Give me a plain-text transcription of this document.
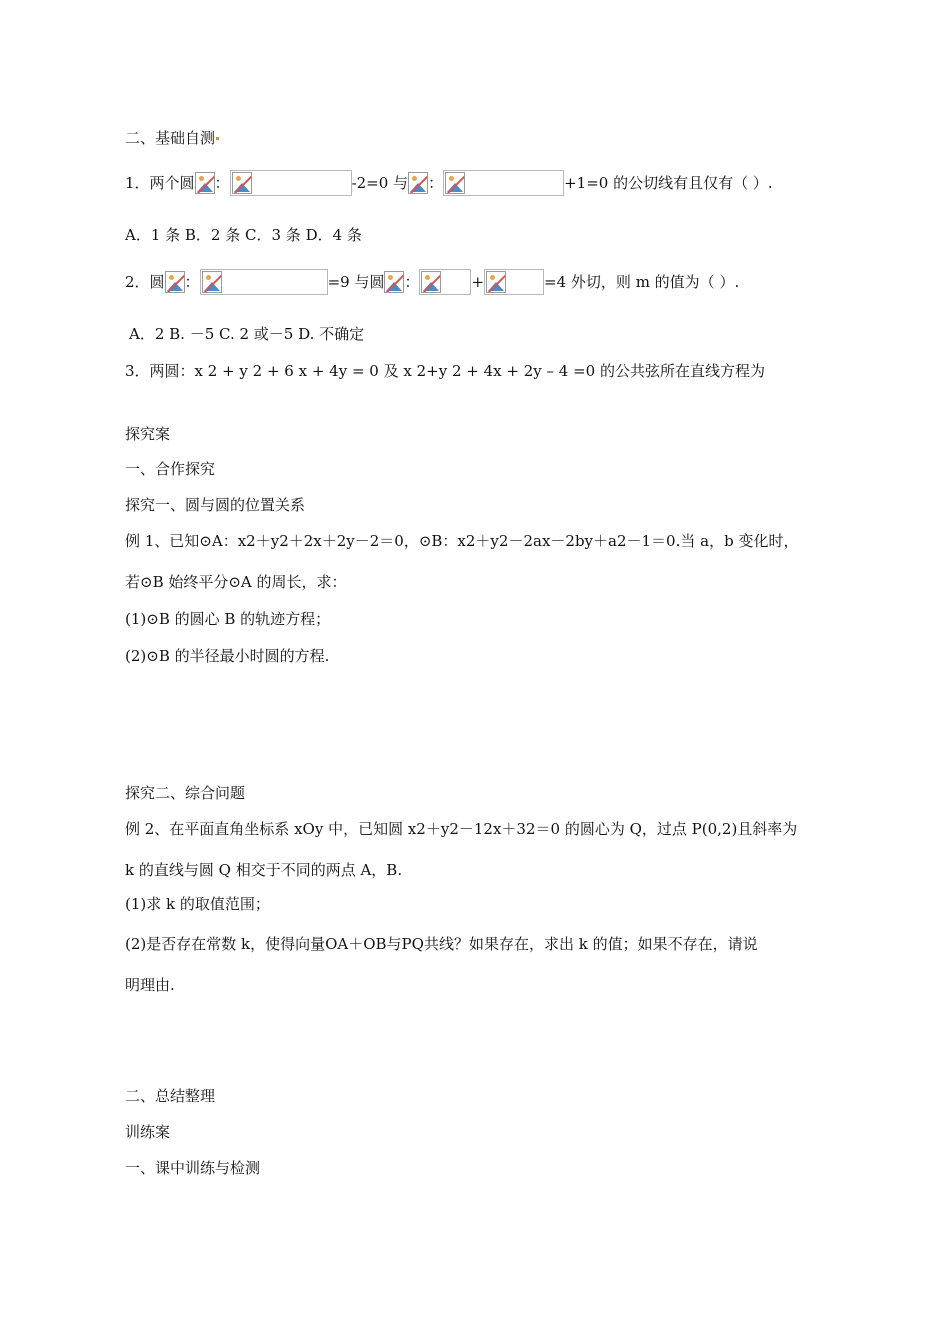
二、基础自测
1．两个圆 ：	-2=0 与 ：	+1=0 的公切线有且仅有（ ）.
A．1 条 B．2 条 C．3 条 D．4 条
2．圆 ：	=9 与圆 ：	+	=4 外切，则 m 的值为（ ）.
A．2 B. －5 C. 2 或－5 D. 不确定
3．两圆：x 2 + y 2 + 6 x + 4y = 0 及 x 2+y 2 + 4x + 2y – 4 =0 的公共弦所在直线方程为
探究案
一、合作探究
探究一、圆与圆的位置关系
例 1、已知⊙A：x2＋y2＋2x＋2y－2＝0，⊙B：x2＋y2－2ax－2by＋a2－1＝0.当 a，b 变化时，
若⊙B 始终平分⊙A 的周长，求：
(1)⊙B 的圆心 B 的轨迹方程；
(2)⊙B 的半径最小时圆的方程.
探究二、综合问题
例 2、在平面直角坐标系 xOy 中，已知圆 x2＋y2－12x＋32＝0 的圆心为 Q，过点 P(0,2)且斜率为
k 的直线与圆 Q 相交于不同的两点 A，B.
(1)求 k 的取值范围；
(2)是否存在常数 k，使得向量OA＋OB与PQ共线？如果存在，求出 k 的值；如果不存在，请说
明理由.
二、总结整理
训练案
一、课中训练与检测
